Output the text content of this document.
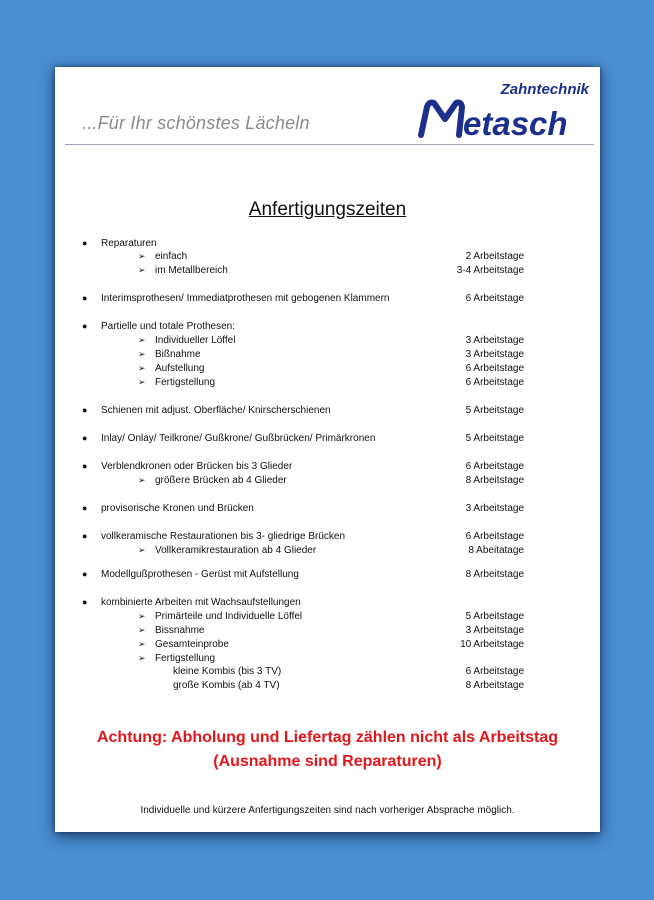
...Für Ihr schönstes Lächeln
Zahntechnik
etasch
Anfertigungszeiten
● Reparaturen
➢ einfach	2 Arbeitstage
➢ im Metallbereich	3-4 Arbeitstage
● Interimsprothesen/ Immediatprothesen mit gebogenen Klammern	6 Arbeitstage
● Partielle und totale Prothesen:
➢ Individueller Löffel	3 Arbeitstage
➢ Bißnahme	3 Arbeitstage
➢ Aufstellung	6 Arbeitstage
➢ Fertigstellung	6 Arbeitstage
● Schienen mit adjust. Oberfläche/ Knirscherschienen	5 Arbeitstage
● Inlay/ Onlay/ Teilkrone/ Gußkrone/ Gußbrücken/ Primärkronen	5 Arbeitstage
● Verblendkronen oder Brücken bis 3 Glieder	6 Arbeitstage
➢ größere Brücken ab 4 Glieder	8 Arbeitstage
● provisorische Kronen und Brücken	3 Arbeitstage
● vollkeramische Restaurationen bis 3- gliedrige Brücken	6 Arbeitstage
➢ Vollkeramikrestauration ab 4 Glieder	8 Abeitatage
● Modellgußprothesen - Gerüst mit Aufstellung	8 Arbeitstage
● kombinierte Arbeiten mit Wachsaufstellungen
➢ Primärteile und Individuelle Löffel	5 Arbeitstage
➢ Bissnahme	3 Arbeitstage
➢ Gesamteinprobe	10 Arbeitstage
➢ Fertigstellung
kleine Kombis (bis 3 TV)	6 Arbeitstage
große Kombis (ab 4 TV)	8 Arbeitstage
Achtung: Abholung und Liefertag zählen nicht als Arbeitstag
(Ausnahme sind Reparaturen)
Individuelle und kürzere Anfertigungszeiten sind nach vorheriger Absprache möglich.
